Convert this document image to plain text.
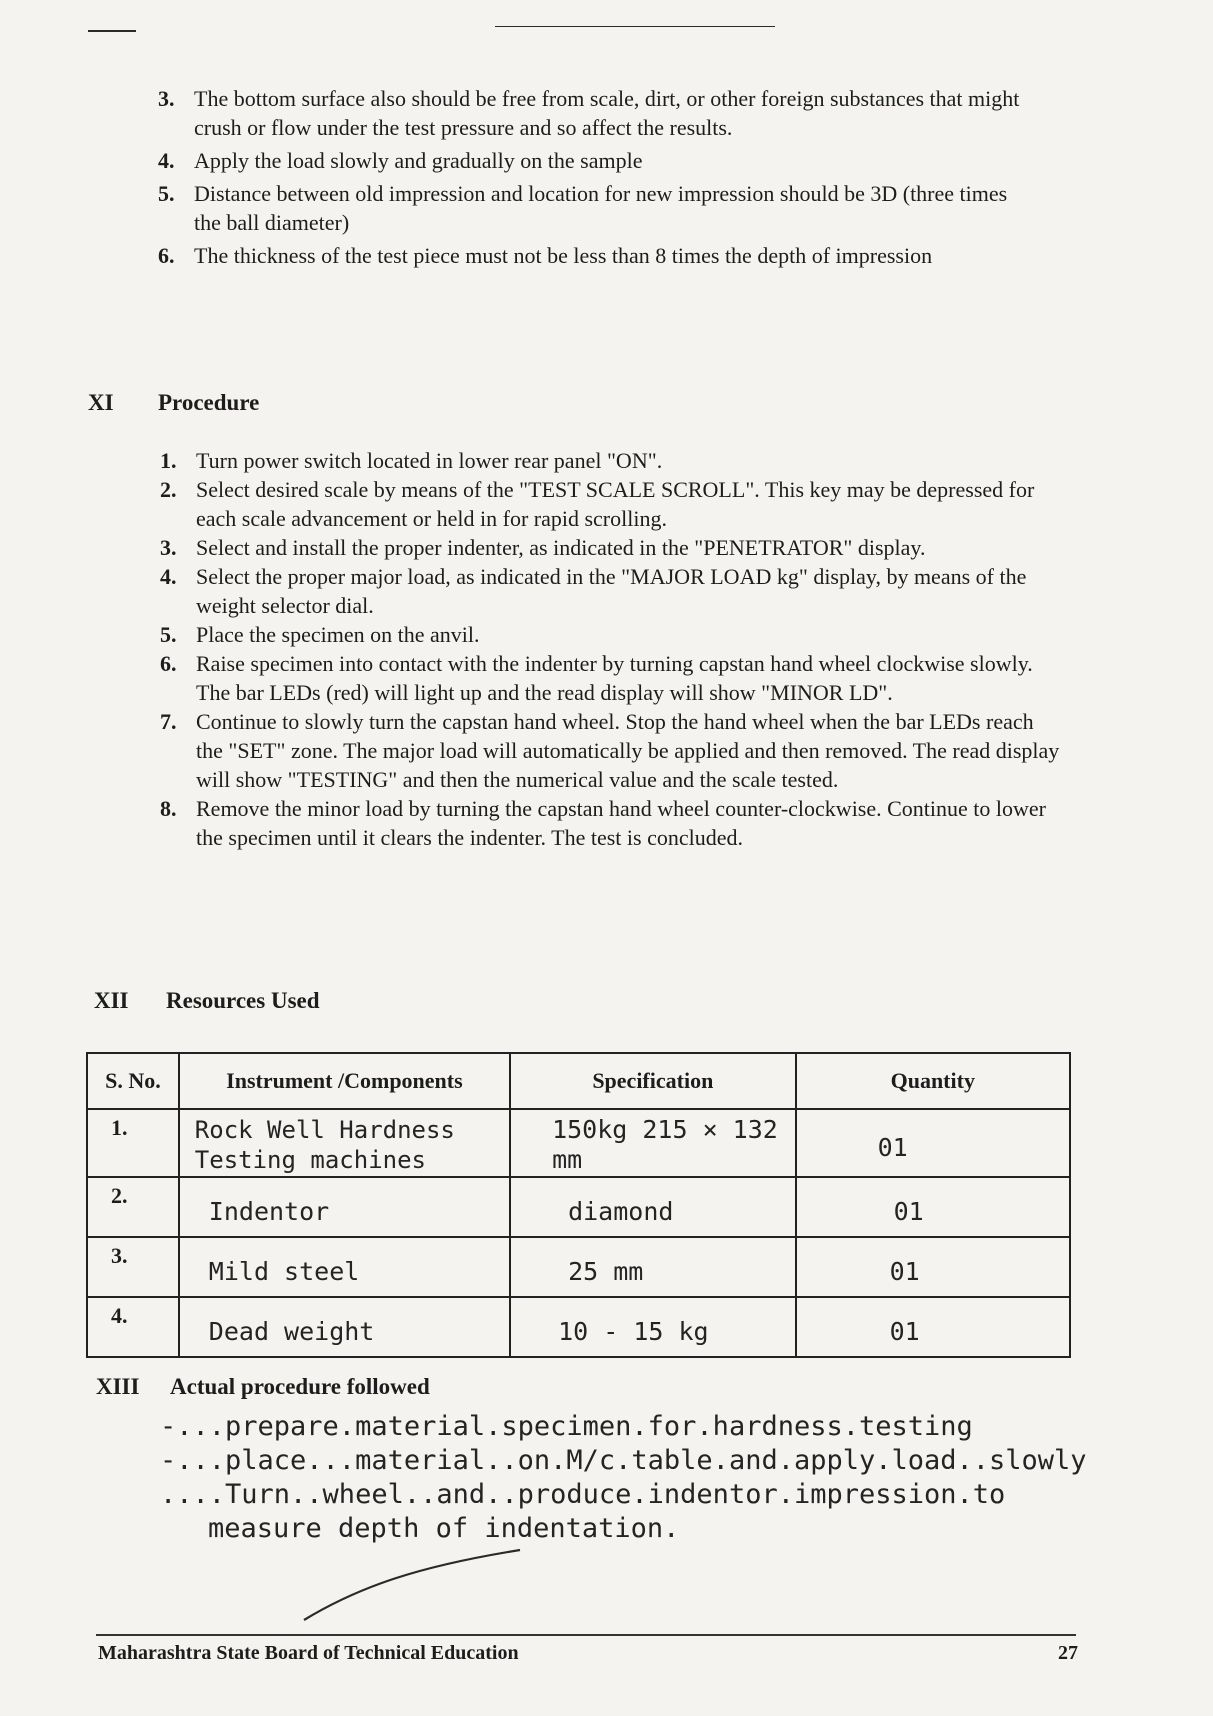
​
3. The bottom surface also should be free from scale, dirt, or other foreign substances that might crush or flow under the test pressure and so affect the results.
4. Apply the load slowly and gradually on the sample
5. Distance between old impression and location for new impression should be 3D (three times the ball diameter)
6. The thickness of the test piece must not be less than 8 times the depth of impression
XI Procedure
1. Turn power switch located in lower rear panel "ON".
2. Select desired scale by means of the "TEST SCALE SCROLL". This key may be depressed for each scale advancement or held in for rapid scrolling.
3. Select and install the proper indenter, as indicated in the "PENETRATOR" display.
4. Select the proper major load, as indicated in the "MAJOR LOAD kg" display, by means of the weight selector dial.
5. Place the specimen on the anvil.
6. Raise specimen into contact with the indenter by turning capstan hand wheel clockwise slowly. The bar LEDs (red) will light up and the read display will show "MINOR LD".
7. Continue to slowly turn the capstan hand wheel. Stop the hand wheel when the bar LEDs reach the "SET" zone. The major load will automatically be applied and then removed. The read display will show "TESTING" and then the numerical value and the scale tested.
8. Remove the minor load by turning the capstan hand wheel counter-clockwise. Continue to lower the specimen until it clears the indenter. The test is concluded.
XII Resources Used
S. No.	Instrument /Components	Specification	Quantity

1.	Rock Well Hardness Testing machines	150kg 215 × 132 mm	01

2.	Indentor	diamond	01

3.	Mild steel	25 mm	01

4.	Dead weight	10 - 15 kg	01
XIII Actual procedure followed
-...prepare.material.specimen.for.hardness.testing
-...place...material..on.M/c.table.and.apply.load..slowly
....Turn..wheel..and..produce.indentor.impression.to
measure depth of indentation.
Maharashtra State Board of Technical Education	27
